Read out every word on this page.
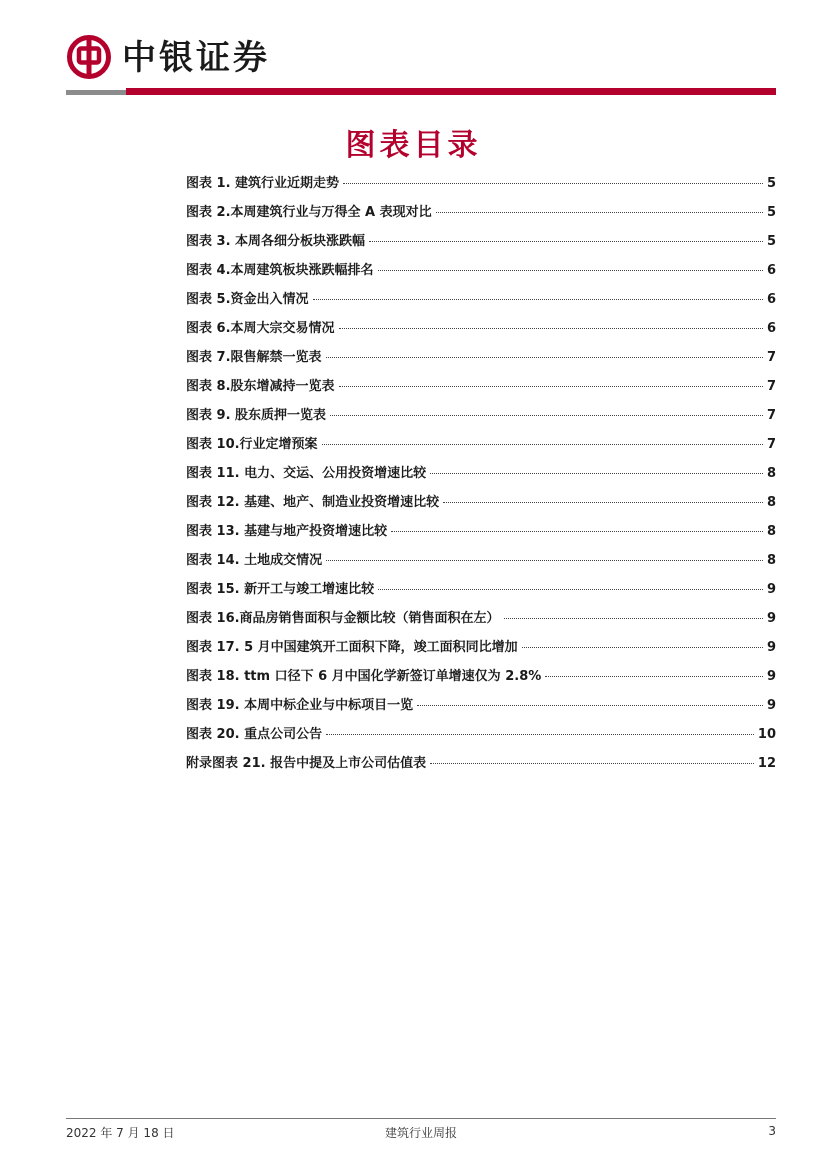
中银证券
图表目录
图表 1. 建筑行业近期走势	5
图表 2.本周建筑行业与万得全 A 表现对比	5
图表 3. 本周各细分板块涨跌幅	5
图表 4.本周建筑板块涨跌幅排名	6
图表 5.资金出入情况	6
图表 6.本周大宗交易情况	6
图表 7.限售解禁一览表	7
图表 8.股东增减持一览表	7
图表 9. 股东质押一览表	7
图表 10.行业定增预案	7
图表 11. 电力、交运、公用投资增速比较	8
图表 12. 基建、地产、制造业投资增速比较	8
图表 13. 基建与地产投资增速比较	8
图表 14. 土地成交情况	8
图表 15. 新开工与竣工增速比较	9
图表 16.商品房销售面积与金额比较（销售面积在左）	9
图表 17. 5 月中国建筑开工面积下降，竣工面积同比增加	9
图表 18. ttm 口径下 6 月中国化学新签订单增速仅为 2.8%	9
图表 19. 本周中标企业与中标项目一览	9
图表 20. 重点公司公告	10
附录图表 21. 报告中提及上市公司估值表	12
2022 年 7 月 18 日	建筑行业周报	3
